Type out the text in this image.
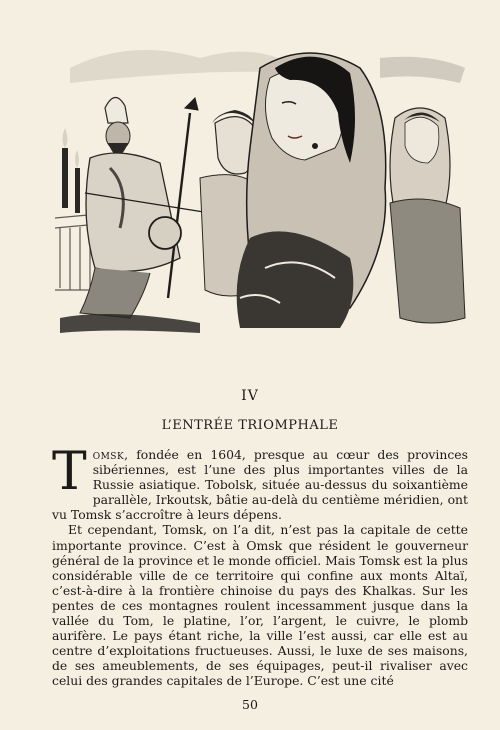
IV
L’ENTRÉE TRIOMPHALE

Tomsk, fondée en 1604, presque au cœur des provinces sibériennes, est l’une des plus importantes villes de la Russie asiatique. Tobolsk, située au-dessus du soixantième parallèle, Irkoutsk, bâtie au-delà du centième méridien, ont vu Tomsk s’accroître à leurs dépens.

Et cependant, Tomsk, on l’a dit, n’est pas la capitale de cette importante province. C’est à Omsk que résident le gouverneur général de la province et le monde officiel. Mais Tomsk est la plus considérable ville de ce territoire qui confine aux monts Altaï, c’est-à-dire à la frontière chinoise du pays des Khalkas. Sur les pentes de ces montagnes roulent incessamment jusque dans la vallée du Tom, le platine, l’or, l’argent, le cuivre, le plomb aurifère. Le pays étant riche, la ville l’est aussi, car elle est au centre d’exploitations fructueuses. Aussi, le luxe de ses maisons, de ses ameublements, de ses équipages, peut-il rivaliser avec celui des grandes capitales de l’Europe. C’est une cité

50
